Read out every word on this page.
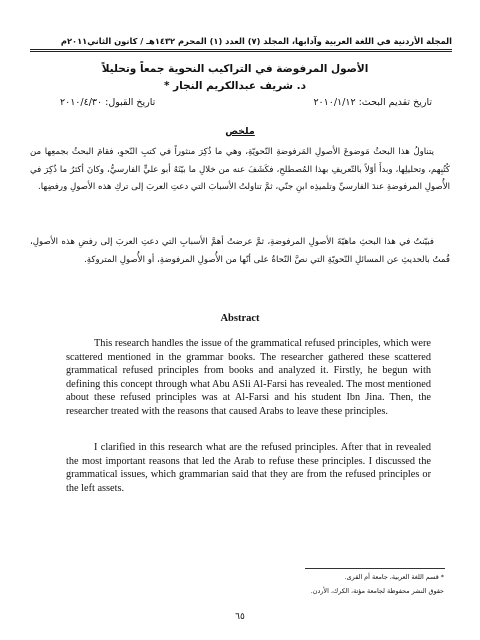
المجلة الأردنية في اللغة العربية وآدابها، المجلد (٧) العدد (١) المحرم ١٤٣٢هـ / كانون الثاني٢٠١١م
الأصول المرفوضة في التراكيب النحوية جمعاً وتحليلاً
د. شريف عبدالكريم النجار *
تاريخ تقديم البحث: ٢٠١٠/١/١٢
تاريخ القبول: ٢٠١٠/٤/٣٠
ملخص

يتناولُ هذا البحثُ مَوضوعَ الأصولِ المَرفوضةِ النّحويّةِ، وهي ما ذُكِرَ منثوراً في كتبِ النّحوِ، فقامَ البحثُ بجمعِها من كُتُبِهم، وتحليلِها، وبدأَ أوّلاً بالتّعريفِ بهذا المُصطلحِ، فكَشَفَ عنه من خلالِ ما بيّنَهُ أبو عليٍّ الفارسيُّ، وكانَ أكثرُ ما ذُكِرَ في الأُصولِ المرفوضةِ عندَ الفارسيِّ وتلميذِه ابنِ جنّي، ثمَّ تناولتُ الأسبابَ التي دعتِ العربَ إلى تركِ هذه الأصولِ ورفضِها.

فبيّنتُ في هذا البحثِ ماهيّةَ الأصولِ المرفوضةِ، ثمَّ عرضتُ أهمَّ الأسبابِ التي دعتِ العربَ إلى رفضِ هذه الأصولِ، قُمتُ بالحديثِ عن المسائلِ النّحويّةِ التي نصَّ النّحاةُ على أنّها من الأُصولِ المرفوضةِ، أو الأُصولِ المتروكةِ.

Abstract

This research handles the issue of the grammatical refused principles, which were scattered mentioned in the grammar books. The researcher gathered these scattered grammatical refused principles from books and analyzed it. Firstly, he begun with defining this concept through what Abu ASli Al-Farsi has revealed. The most mentioned about these refused principles was at Al-Farsi and his student Ibn Jina. Then, the researcher treated with the reasons that caused Arabs to leave these principles.

I clarified in this research what are the refused principles. After that in revealed the most important reasons that led the Arab to refuse these principles. I discussed the grammatical issues, which grammarian said that they are from the refused principles or the left assets.

* قسم اللغة العربية، جامعة أم القرى.
حقوق النشر محفوظة لجامعة مؤتة، الكرك، الأردن.
٦٥
